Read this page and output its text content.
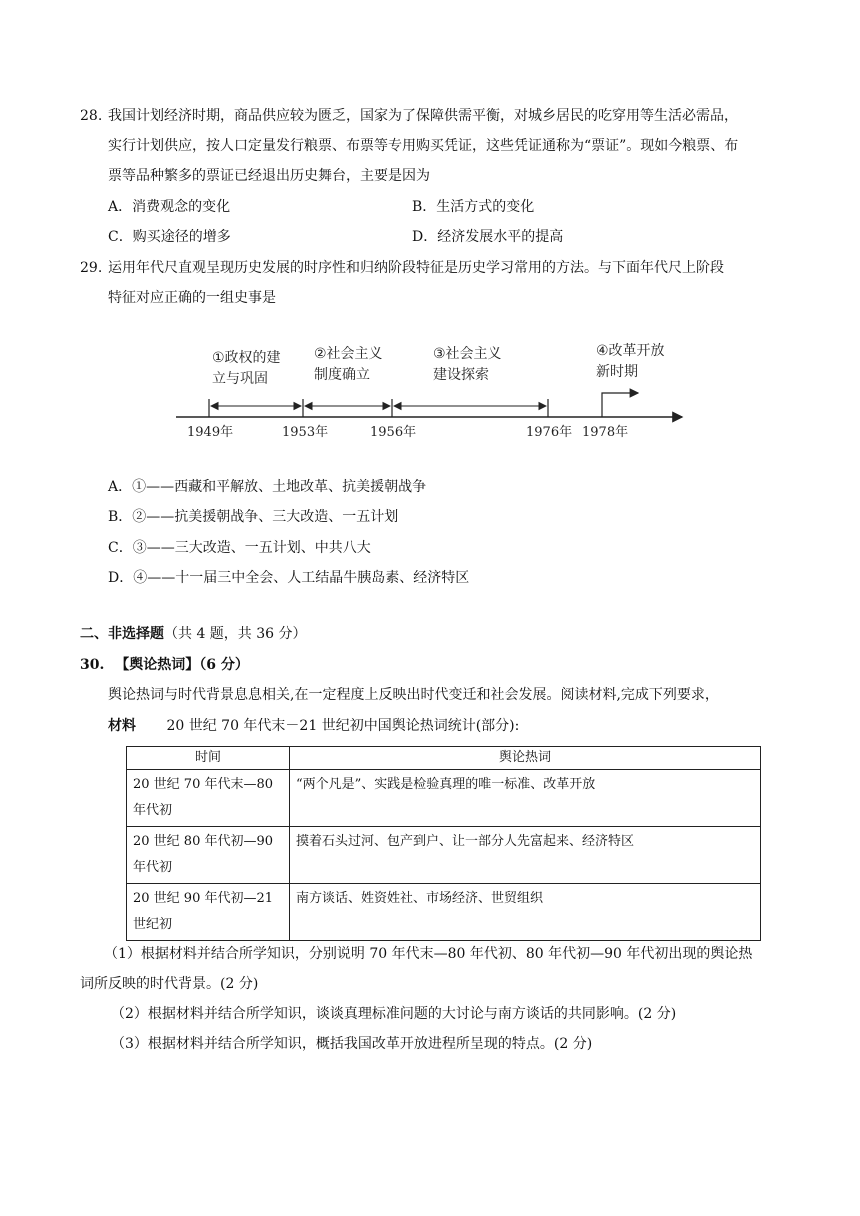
28. 我国计划经济时期，商品供应较为匮乏，国家为了保障供需平衡，对城乡居民的吃穿用等生活必需品，
实行计划供应，按人口定量发行粮票、布票等专用购买凭证，这些凭证通称为“票证”。现如今粮票、布
票等品种繁多的票证已经退出历史舞台，主要是因为
A．消费观念的变化	B．生活方式的变化
C．购买途径的增多	D．经济发展水平的提高
29. 运用年代尺直观呈现历史发展的时序性和归纳阶段特征是历史学习常用的方法。与下面年代尺上阶段
特征对应正确的一组史事是
①政权的建
立与巩固
②社会主义
制度确立
③社会主义
建设探索
④改革开放
新时期
1949年	1953年	1956年	1976年 1978年
A．①——西藏和平解放、土地改革、抗美援朝战争
B．②——抗美援朝战争、三大改造、一五计划
C．③——三大改造、一五计划、中共八大
D．④——十一届三中全会、人工结晶牛胰岛素、经济特区
二、非选择题（共 4 题，共 36 分）
30. 【舆论热词】（6 分）
舆论热词与时代背景息息相关,在一定程度上反映出时代变迁和社会发展。阅读材料,完成下列要求，
材料 20 世纪 70 年代末－21 世纪初中国舆论热词统计(部分):
时间	舆论热词

20 世纪 70 年代末—80
年代初	“两个凡是”、实践是检验真理的唯一标准、改革开放

20 世纪 80 年代初—90
年代初	摸着石头过河、包产到户、让一部分人先富起来、经济特区

20 世纪 90 年代初—21
世纪初	南方谈话、姓资姓社、市场经济、世贸组织
（1）根据材料并结合所学知识，分别说明 70 年代末—80 年代初、80 年代初—90 年代初出现的舆论热
词所反映的时代背景。(2 分)
（2）根据材料并结合所学知识，谈谈真理标准问题的大讨论与南方谈话的共同影响。(2 分)
（3）根据材料并结合所学知识，概括我国改革开放进程所呈现的特点。(2 分)
